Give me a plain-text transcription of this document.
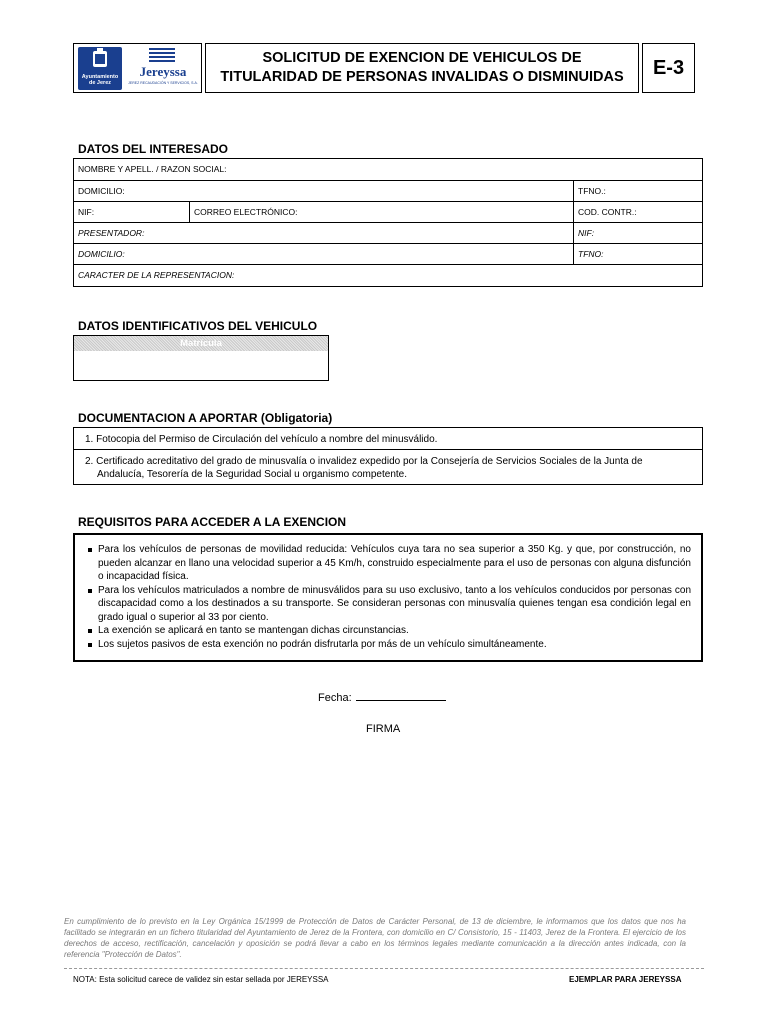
Ayuntamiento
de Jerez
Jereyssa
JEREZ RECAUDACIÓN Y SERVICIOS, S.A.
SOLICITUD DE EXENCION DE VEHICULOS DE
TITULARIDAD DE PERSONAS INVALIDAS O DISMINUIDAS	E-3
DATOS DEL INTERESADO
NOMBRE Y APELL. / RAZON SOCIAL:
DOMICILIO:	TFNO.:
NIF:	CORREO ELECTRÓNICO:	COD. CONTR.:
PRESENTADOR:	NIF:
DOMICILIO:	TFNO:
CARACTER DE LA REPRESENTACION:
DATOS IDENTIFICATIVOS DEL VEHICULO
Matrícula
DOCUMENTACION A APORTAR (Obligatoria)
1. Fotocopia del Permiso de Circulación del vehículo a nombre del minusválido.
2. Certificado acreditativo del grado de minusvalía o invalidez expedido por la Consejería de Servicios Sociales de la Junta de
Andalucía, Tesorería de la Seguridad Social u organismo competente.
REQUISITOS PARA ACCEDER A LA EXENCION
Para los vehículos de personas de movilidad reducida: Vehículos cuya tara no sea superior a 350 Kg. y que, por construcción, no pueden alcanzar en llano una velocidad superior a 45 Km/h, construido especialmente para el uso de personas con alguna disfunción o incapacidad física.
Para los vehículos matriculados a nombre de minusválidos para su uso exclusivo, tanto a los vehículos conducidos por personas con discapacidad como a los destinados a su transporte. Se consideran personas con minusvalía quienes tengan esa condición legal en grado igual o superior al 33 por ciento.
La exención se aplicará en tanto se mantengan dichas circunstancias.
Los sujetos pasivos de esta exención no podrán disfrutarla por más de un vehículo simultáneamente.
Fecha:
FIRMA
En cumplimiento de lo previsto en la Ley Orgánica 15/1999 de Protección de Datos de Carácter Personal, de 13 de diciembre, le informamos que los datos que nos ha facilitado se integrarán en un fichero titularidad del Ayuntamiento de Jerez de la Frontera, con domicilio en C/ Consistorio, 15 - 11403, Jerez de la Frontera. El ejercicio de los derechos de acceso, rectificación, cancelación y oposición se podrá llevar a cabo en los términos legales mediante comunicación a la dirección antes indicada, con la referencia "Protección de Datos".
NOTA: Esta solicitud carece de validez sin estar sellada por JEREYSSA	EJEMPLAR PARA JEREYSSA
